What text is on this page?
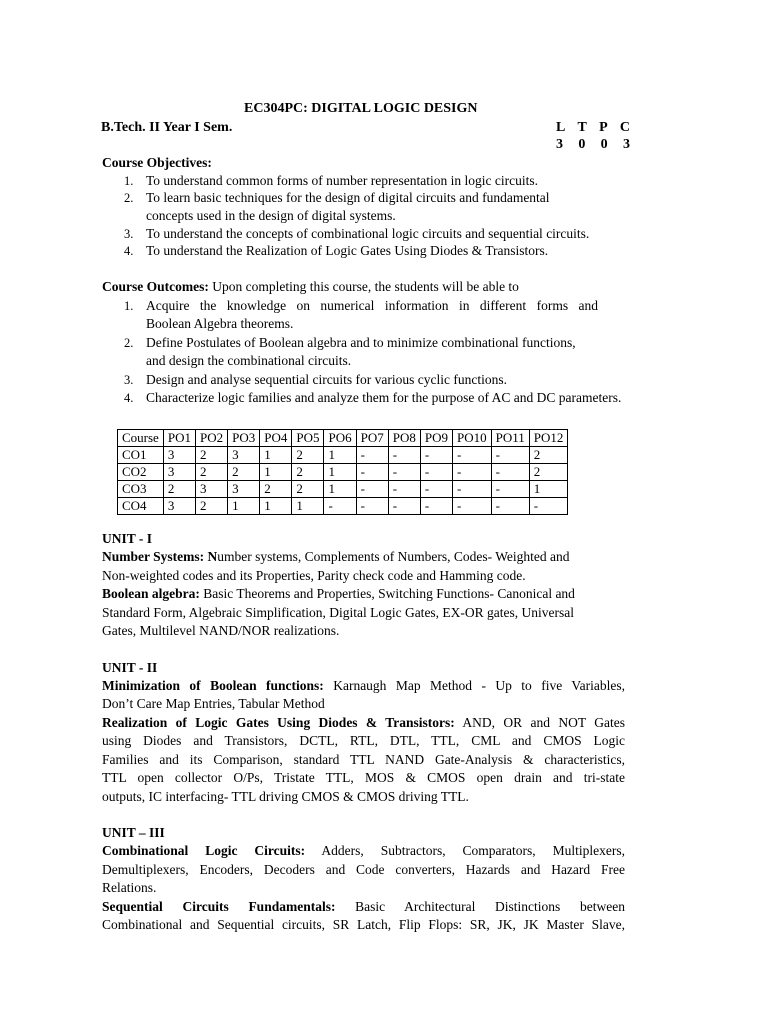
EC304PC: DIGITAL LOGIC DESIGN
B.Tech. II Year I Sem.	L T P C
3 0 0 3
Course Objectives:
1. To understand common forms of number representation in logic circuits.
2. To learn basic techniques for the design of digital circuits and fundamental
concepts used in the design of digital systems.
3. To understand the concepts of combinational logic circuits and sequential circuits.
4. To understand the Realization of Logic Gates Using Diodes & Transistors.
Course Outcomes: Upon completing this course, the students will be able to
1. Acquire the knowledge on numerical information in different forms and
Boolean Algebra theorems.
2. Define Postulates of Boolean algebra and to minimize combinational functions,
and design the combinational circuits.
3. Design and analyse sequential circuits for various cyclic functions.
4. Characterize logic families and analyze them for the purpose of AC and DC parameters.
Course	PO1	PO2	PO3	PO4	PO5	PO6	PO7	PO8	PO9	PO10	PO11	PO12
CO1	3	2	3	1	2	1	-	-	-	-	-	2
CO2	3	2	2	1	2	1	-	-	-	-	-	2
CO3	2	3	3	2	2	1	-	-	-	-	-	1
CO4	3	2	1	1	1	-	-	-	-	-	-	-
UNIT - I
Number Systems: Number systems, Complements of Numbers, Codes- Weighted and
Non-weighted codes and its Properties, Parity check code and Hamming code.
Boolean algebra: Basic Theorems and Properties, Switching Functions- Canonical and
Standard Form, Algebraic Simplification, Digital Logic Gates, EX-OR gates, Universal
Gates, Multilevel NAND/NOR realizations.
UNIT - II
Minimization of Boolean functions: Karnaugh Map Method - Up to five Variables,
Don’t Care Map Entries, Tabular Method
Realization of Logic Gates Using Diodes & Transistors: AND, OR and NOT Gates
using Diodes and Transistors, DCTL, RTL, DTL, TTL, CML and CMOS Logic
Families and its Comparison, standard TTL NAND Gate-Analysis & characteristics,
TTL open collector O/Ps, Tristate TTL, MOS & CMOS open drain and tri-state
outputs, IC interfacing- TTL driving CMOS & CMOS driving TTL.
UNIT – III
Combinational Logic Circuits: Adders, Subtractors, Comparators, Multiplexers,
Demultiplexers, Encoders, Decoders and Code converters, Hazards and Hazard Free
Relations.
Sequential Circuits Fundamentals: Basic Architectural Distinctions between
Combinational and Sequential circuits, SR Latch, Flip Flops: SR, JK, JK Master Slave,
